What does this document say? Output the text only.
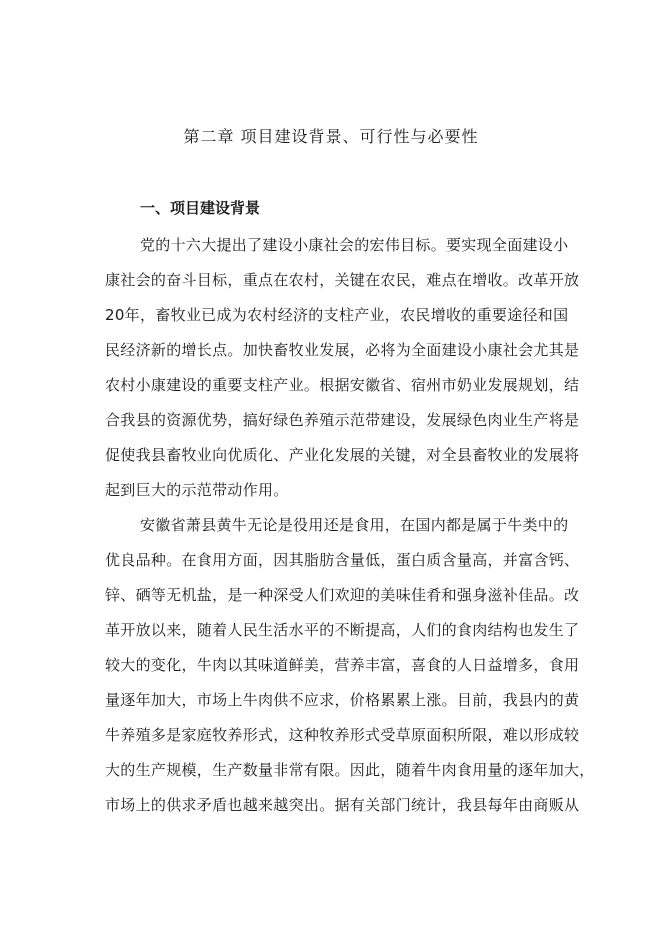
第二章 项目建设背景、可行性与必要性
一、项目建设背景
党的十六大提出了建设小康社会的宏伟目标。要实现全面建设小
康社会的奋斗目标，重点在农村，关键在农民，难点在增收。改革开放
20年，畜牧业已成为农村经济的支柱产业，农民增收的重要途径和国
民经济新的增长点。加快畜牧业发展，必将为全面建设小康社会尤其是
农村小康建设的重要支柱产业。根据安徽省、宿州市奶业发展规划，结
合我县的资源优势，搞好绿色养殖示范带建设，发展绿色肉业生产将是
促使我县畜牧业向优质化、产业化发展的关键，对全县畜牧业的发展将
起到巨大的示范带动作用。
安徽省萧县黄牛无论是役用还是食用，在国内都是属于牛类中的
优良品种。在食用方面，因其脂肪含量低，蛋白质含量高，并富含钙、
锌、硒等无机盐，是一种深受人们欢迎的美味佳肴和强身滋补佳品。改
革开放以来，随着人民生活水平的不断提高，人们的食肉结构也发生了
较大的变化，牛肉以其味道鲜美，营养丰富，喜食的人日益增多，食用
量逐年加大，市场上牛肉供不应求，价格累累上涨。目前，我县内的黄
牛养殖多是家庭牧养形式，这种牧养形式受草原面积所限，难以形成较
大的生产规模，生产数量非常有限。因此，随着牛肉食用量的逐年加大，
市场上的供求矛盾也越来越突出。据有关部门统计，我县每年由商贩从
